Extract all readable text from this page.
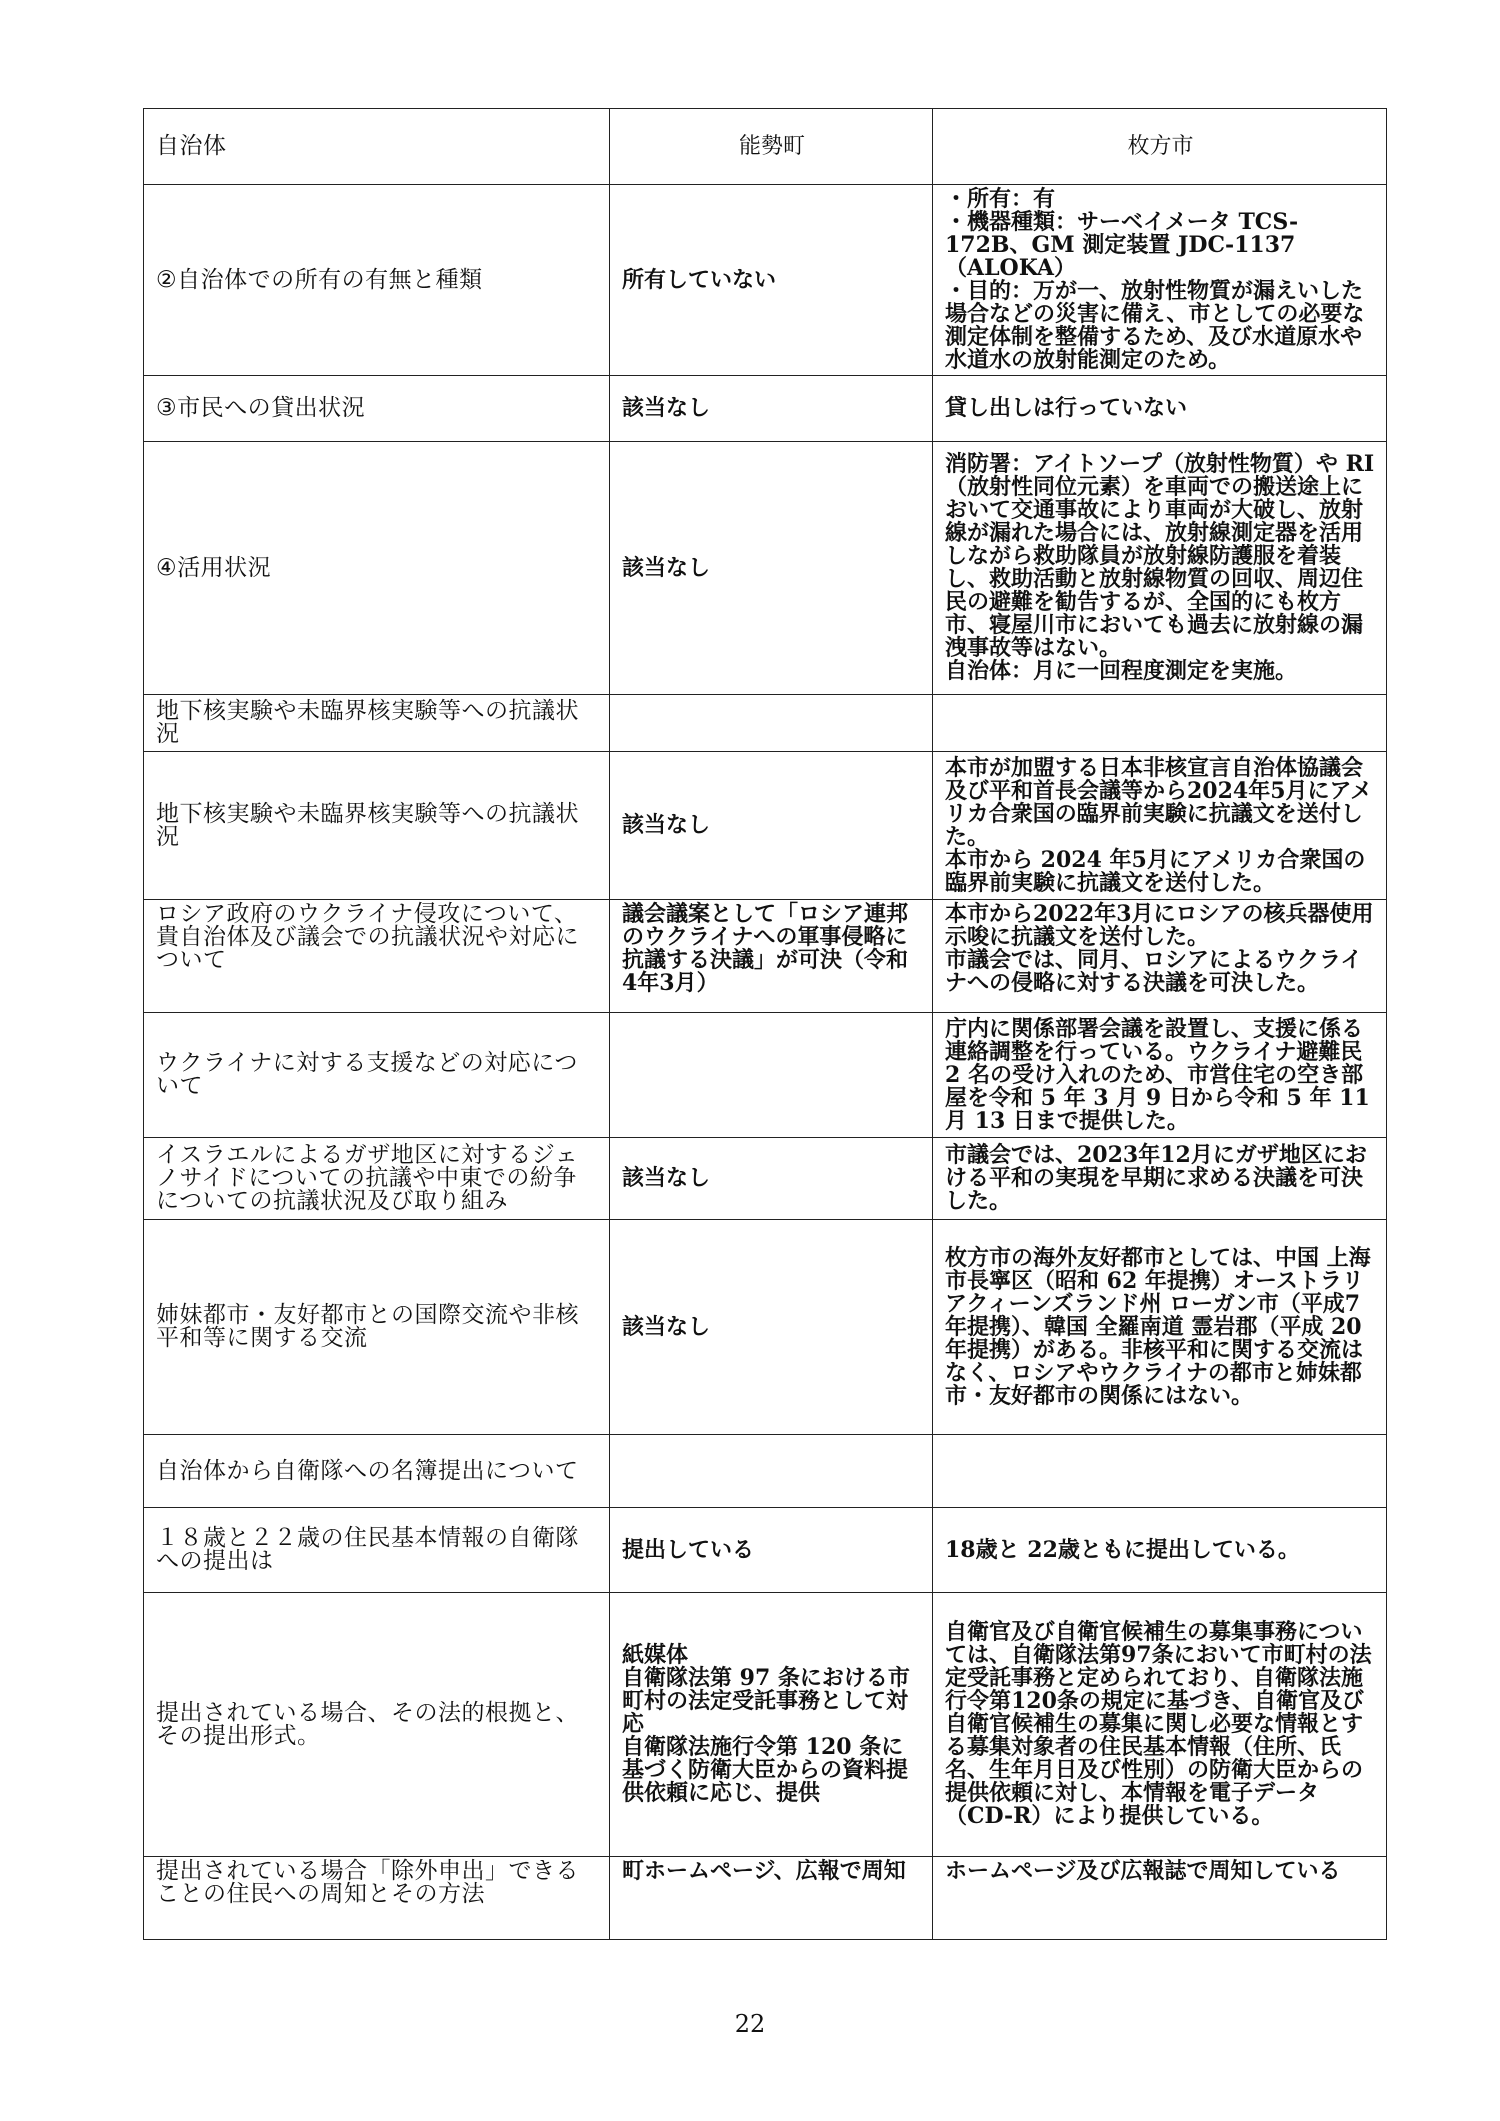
自治体	能勢町	枚方市

②自治体での所有の有無と種類	所有していない	・所有：有
・機器種類：サーベイメータ TCS-172B、GM 測定装置 JDC-1137（ALOKA）
・目的：万が一、放射性物質が漏えいした場合などの災害に備え、市としての必要な測定体制を整備するため、及び水道原水や水道水の放射能測定のため。

③市民への貸出状況	該当なし	貸し出しは行っていない

④活用状況	該当なし	消防署：アイトソープ（放射性物質）や RI（放射性同位元素）を車両での搬送途上において交通事故により車両が大破し、放射線が漏れた場合には、放射線測定器を活用しながら救助隊員が放射線防護服を着装し、救助活動と放射線物質の回収、周辺住民の避難を勧告するが、全国的にも枚方市、寝屋川市においても過去に放射線の漏洩事故等はない。
自治体：月に一回程度測定を実施。

地下核実験や未臨界核実験等への抗議状況		

地下核実験や未臨界核実験等への抗議状況	該当なし	本市が加盟する日本非核宣言自治体協議会及び平和首長会議等から2024年5月にアメリカ合衆国の臨界前実験に抗議文を送付した。
本市から 2024 年5月にアメリカ合衆国の臨界前実験に抗議文を送付した。

ロシア政府のウクライナ侵攻について、貴自治体及び議会での抗議状況や対応について	議会議案として「ロシア連邦のウクライナへの軍事侵略に抗議する決議」が可決（令和4年3月）	本市から2022年3月にロシアの核兵器使用示唆に抗議文を送付した。
市議会では、同月、ロシアによるウクライナへの侵略に対する決議を可決した。

ウクライナに対する支援などの対応について		庁内に関係部署会議を設置し、支援に係る連絡調整を行っている。ウクライナ避難民 2 名の受け入れのため、市営住宅の空き部屋を令和 5 年 3 月 9 日から令和 5 年 11 月 13 日まで提供した。

イスラエルによるガザ地区に対するジェノサイドについての抗議や中東での紛争についての抗議状況及び取り組み	該当なし	市議会では、2023年12月にガザ地区における平和の実現を早期に求める決議を可決した。

姉妹都市・友好都市との国際交流や非核平和等に関する交流	該当なし	枚方市の海外友好都市としては、中国 上海市長寧区（昭和 62 年提携）オーストラリアクィーンズランド州 ローガン市（平成7年提携）、韓国 全羅南道 霊岩郡（平成 20 年提携）がある。非核平和に関する交流はなく、ロシアやウクライナの都市と姉妹都市・友好都市の関係にはない。

自治体から自衛隊への名簿提出について		

１８歳と２２歳の住民基本情報の自衛隊への提出は	提出している	18歳と 22歳ともに提出している。

提出されている場合、その法的根拠と、その提出形式。	紙媒体
自衛隊法第 97 条における市町村の法定受託事務として対応
自衛隊法施行令第 120 条に基づく防衛大臣からの資料提供依頼に応じ、提供	自衛官及び自衛官候補生の募集事務については、自衛隊法第97条において市町村の法定受託事務と定められており、自衛隊法施行令第120条の規定に基づき、自衛官及び自衛官候補生の募集に関し必要な情報とする募集対象者の住民基本情報（住所、氏名、生年月日及び性別）の防衛大臣からの提供依頼に対し、本情報を電子データ（CD-R）により提供している。

提出されている場合「除外申出」できることの住民への周知とその方法	町ホームページ、広報で周知	ホームページ及び広報誌で周知している
22
